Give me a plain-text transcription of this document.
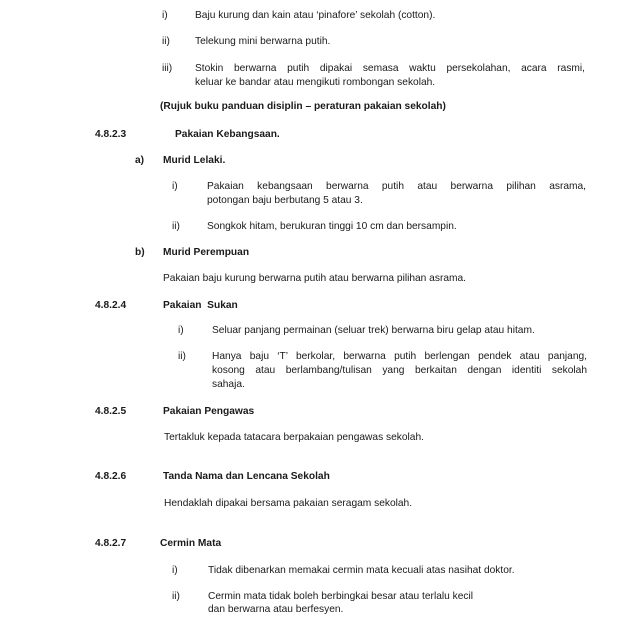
i)	Baju kurung dan kain atau ‘pinafore’ sekolah (cotton).
ii) Telekung mini berwarna putih.
iii) Stokin berwarna putih dipakai semasa waktu persekolahan, acara rasmi,
keluar ke bandar atau mengikuti rombongan sekolah.
(Rujuk buku panduan disiplin – peraturan pakaian sekolah)
4.8.2.3	Pakaian Kebangsaan.
a) Murid Lelaki.
i)	Pakaian kebangsaan berwarna putih atau berwarna pilihan asrama,
potongan baju berbutang 5 atau 3.
ii)	Songkok hitam, berukuran tinggi 10 cm dan bersampin.
b) Murid Perempuan
Pakaian baju kurung berwarna putih atau berwarna pilihan asrama.
4.8.2.4	Pakaian  Sukan
i)	Seluar panjang permainan (seluar trek) berwarna biru gelap atau hitam.
ii)	Hanya baju ‘T’ berkolar, berwarna putih berlengan pendek atau panjang,
kosong atau berlambang/tulisan yang berkaitan dengan identiti sekolah
sahaja.
4.8.2.5	Pakaian Pengawas
Tertakluk kepada tatacara berpakaian pengawas sekolah.
4.8.2.6	Tanda Nama dan Lencana Sekolah
Hendaklah dipakai bersama pakaian seragam sekolah.
4.8.2.7	Cermin Mata
i)	Tidak dibenarkan memakai cermin mata kecuali atas nasihat doktor.
ii)	Cermin mata tidak boleh berbingkai besar atau terlalu kecil
dan berwarna atau berfesyen.
